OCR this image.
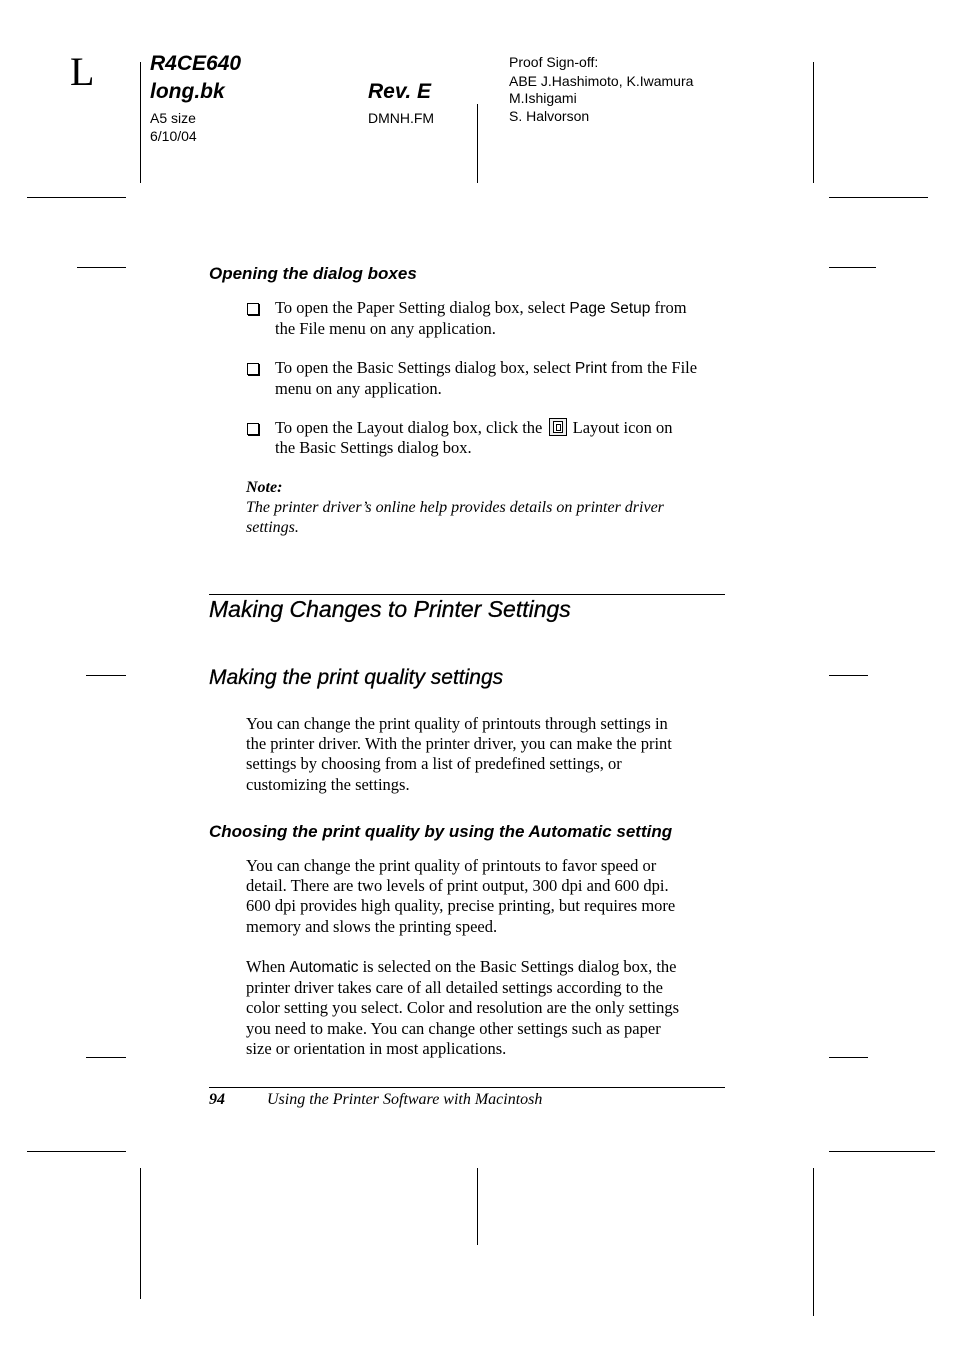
L	R4CE640
long.bk	Rev. E
A5 size
6/10/04
DMNH.FM
Proof Sign-off:
ABE J.Hashimoto, K.Iwamura
M.Ishigami
S. Halvorson
Opening the dialog boxes
To open the Paper Setting dialog box, select Page Setup from
the File menu on any application.
To open the Basic Settings dialog box, select Print from the File
menu on any application.
To open the Layout dialog box, click the  Layout icon on
the Basic Settings dialog box.
Note:
The printer driver’s online help provides details on printer driver
settings.
Making Changes to Printer Settings
Making the print quality settings
You can change the print quality of printouts through settings in
the printer driver. With the printer driver, you can make the print
settings by choosing from a list of predefined settings, or
customizing the settings.
Choosing the print quality by using the Automatic setting
You can change the print quality of printouts to favor speed or
detail. There are two levels of print output, 300 dpi and 600 dpi.
600 dpi provides high quality, precise printing, but requires more
memory and slows the printing speed.
When Automatic is selected on the Basic Settings dialog box, the
printer driver takes care of all detailed settings according to the
color setting you select. Color and resolution are the only settings
you need to make. You can change other settings such as paper
size or orientation in most applications.
94	Using the Printer Software with Macintosh
